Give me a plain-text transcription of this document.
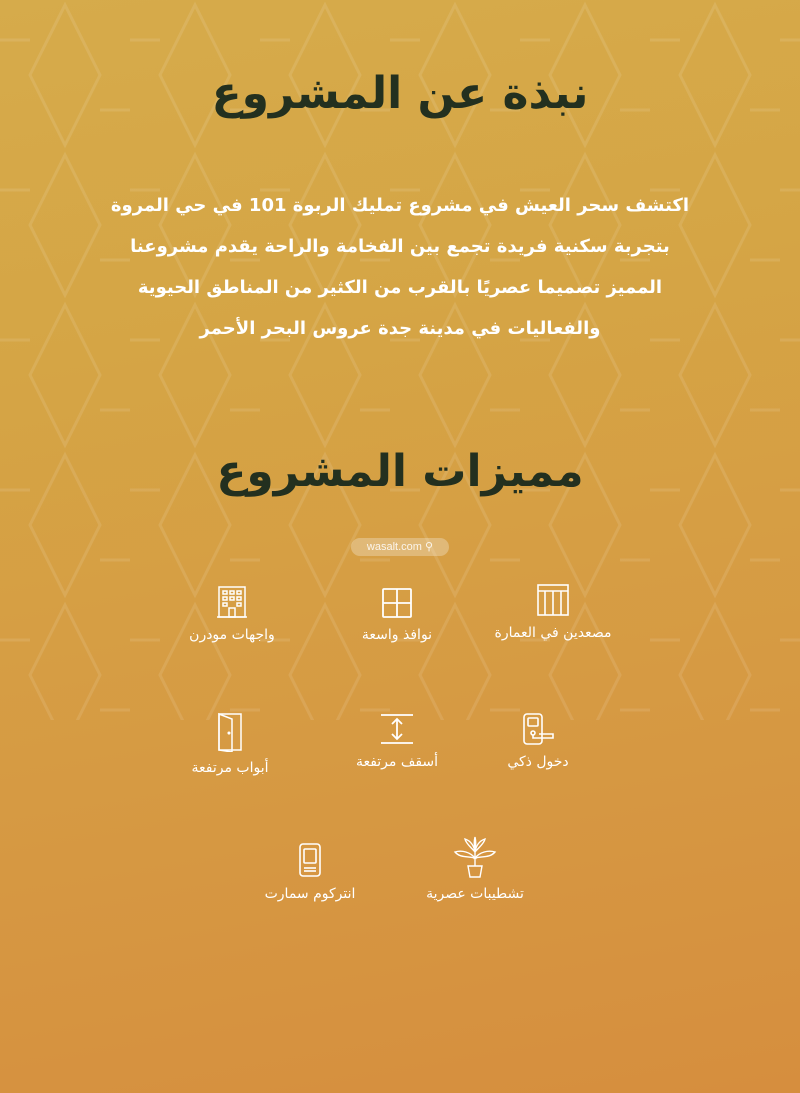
نبذة عن المشروع
اكتشف سحر العيش في مشروع تمليك الربوة 101 في حي المروة
بتجربة سكنية فريدة تجمع بين الفخامة والراحة يقدم مشروعنا
المميز تصميما عصريًا بالقرب من الكثير من المناطق الحيوية
والفعاليات في مدينة جدة عروس البحر الأحمر
مميزات المشروع
wasalt.com ⚲
مصعدين في العمارة
نوافذ واسعة
واجهات مودرن
دخول ذكي
أسقف مرتفعة
أبواب مرتفعة
تشطيبات عصرية
انتركوم سمارت
